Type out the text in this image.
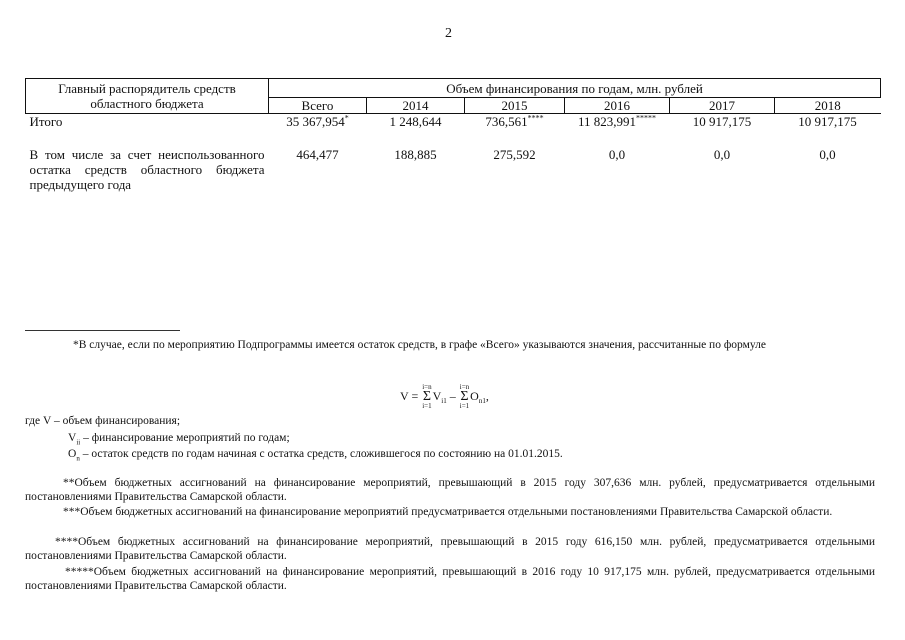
2
Главный распорядитель средств областного бюджета	Объем финансирования по годам, млн. рублей					
	Всего	2014	2015	2016	2017	2018
Итого	35 367,954*	1 248,644	736,561****	11 823,991*****	10 917,175	10 917,175
В том числе за счет неиспользованного остатка средств областного бюджета предыдущего года	464,477	188,885	275,592	0,0	0,0	0,0
*В случае, если по мероприятию Подпрограммы имеется остаток средств, в графе «Всего» указываются значения, рассчитанные по формуле
V = i=n
Σ
$i=1V_{i1} - i=n$
Σ
$i=1O_{n1}$,
где V – объем финансирования;
$V_{ii}$ – финансирование мероприятий по годам;
$O_n$ – остаток средств по годам начиная с остатка средств, сложившегося по состоянию на 01.01.2015.
**Объем бюджетных ассигнований на финансирование мероприятий, превышающий в 2015 году 307,636 млн. рублей, предусматривается отдельными постановлениями Правительства Самарской области.
***Объем бюджетных ассигнований на финансирование мероприятий предусматривается отдельными постановлениями Правительства Самарской области.
****Объем бюджетных ассигнований на финансирование мероприятий, превышающий в 2015 году 616,150 млн. рублей, предусматривается отдельными постановлениями Правительства Самарской области.
*****Объем бюджетных ассигнований на финансирование мероприятий, превышающий в 2016 году 10 917,175 млн. рублей, предусматривается отдельными постановлениями Правительства Самарской области.
